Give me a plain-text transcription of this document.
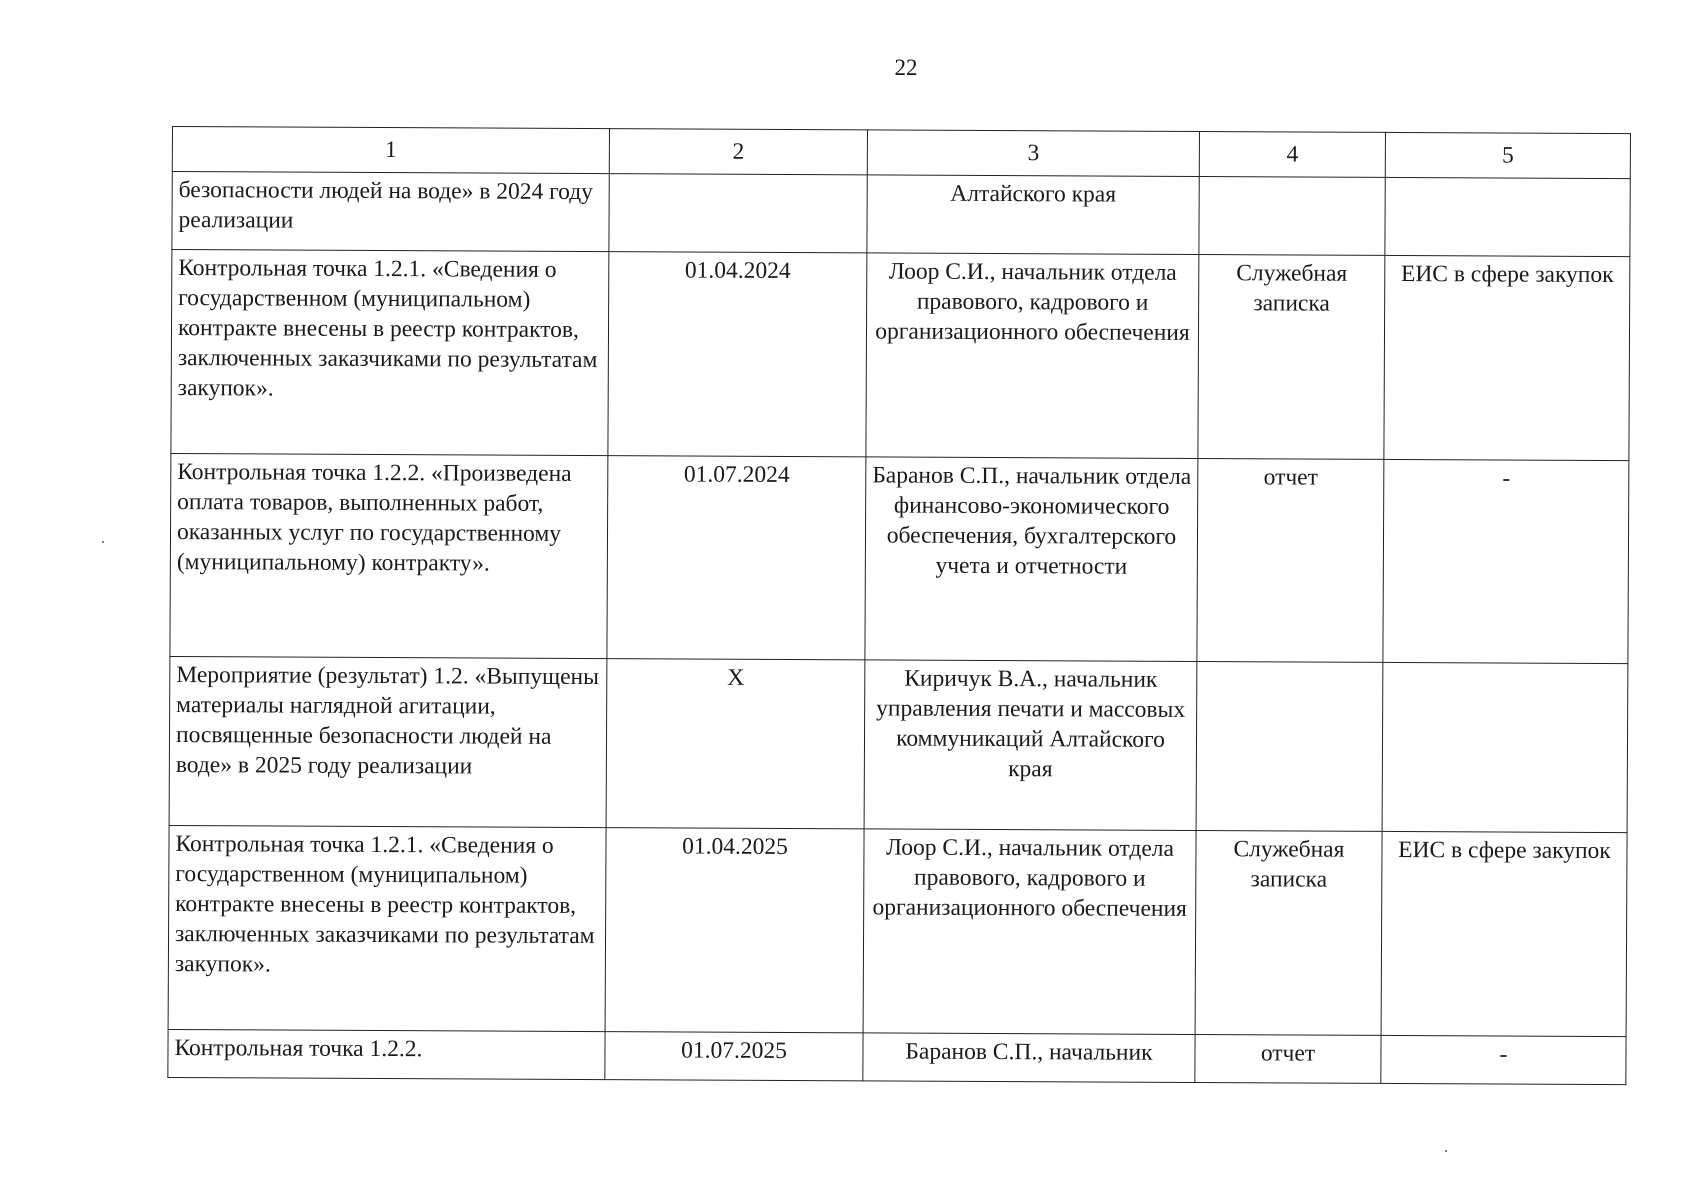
22
1	2	3	4	5
безопасности людей на воде» в 2024 году реализации		Алтайского края		
Контрольная точка 1.2.1. «Сведения о государственном (муниципальном) контракте внесены в реестр контрактов, заключенных заказчиками по результатам закупок».	01.04.2024	Лоор С.И., начальник отдела правового, кадрового и организационного обеспечения	Служебная записка	ЕИС в сфере закупок
Контрольная точка 1.2.2. «Произведена оплата товаров, выполненных работ, оказанных услуг по государственному (муниципальному) контракту».	01.07.2024	Баранов С.П., начальник отдела финансово-экономического обеспечения, бухгалтерского учета и отчетности	отчет	-
Мероприятие (результат) 1.2. «Выпущены материалы наглядной агитации, посвященные безопасности людей на воде» в 2025 году реализации	X	Киричук В.А., начальник управления печати и массовых коммуникаций Алтайского края		
Контрольная точка 1.2.1. «Сведения о государственном (муниципальном) контракте внесены в реестр контрактов, заключенных заказчиками по результатам закупок».	01.04.2025	Лоор С.И., начальник отдела правового, кадрового и организационного обеспечения	Служебная записка	ЕИС в сфере закупок
Контрольная точка 1.2.2.	01.07.2025	Баранов С.П., начальник	отчет	-
